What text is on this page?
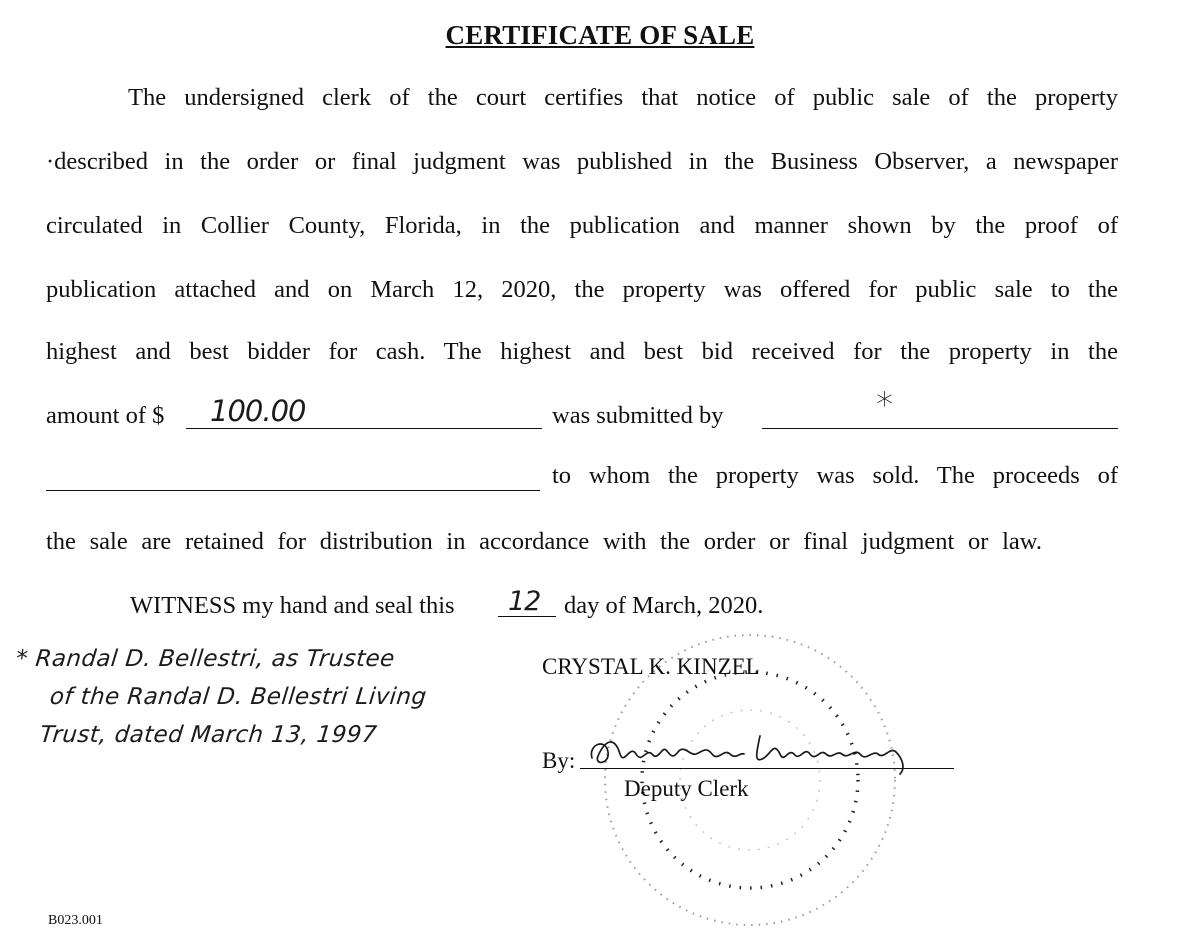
CERTIFICATE OF SALE
The undersigned clerk of the court certifies that notice of public sale of the property
·described in the order or final judgment was published in the Business Observer, a newspaper
circulated in Collier County, Florida, in the publication and manner shown by the proof of
publication attached and on March 12, 2020, the property was offered for public sale to the
highest and best bidder for cash. The highest and best bid received for the property in the
amount of $ 100.00	was submitted by	*
to whom the property was sold. The proceeds of
the sale are retained for distribution in accordance with the order or final judgment or law.
WITNESS my hand and seal this 12 day of March, 2020.
* Randal D. Bellestri, as Trustee
of the Randal D. Bellestri Living
Trust, dated March 13, 1997
CRYSTAL K. KINZEL
By:
Deputy Clerk
B023.001
